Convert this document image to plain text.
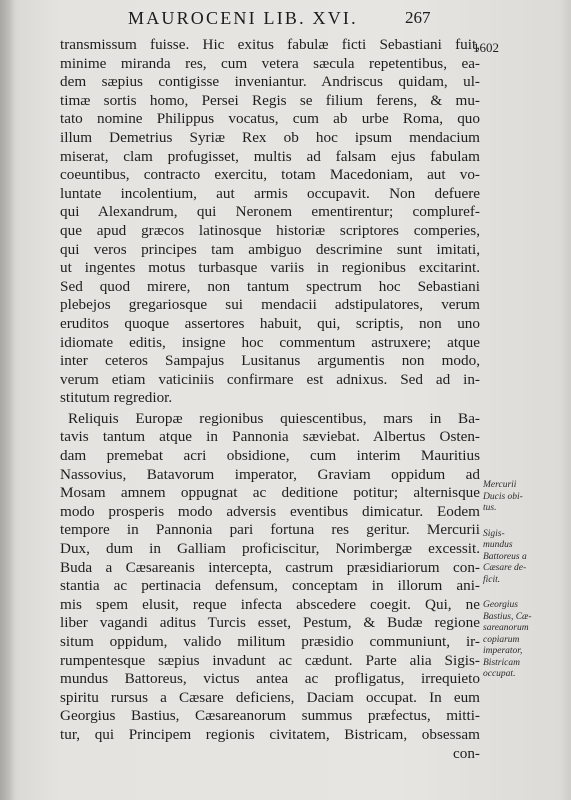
MAUROCENI LIB. XVI.	267
1602
transmissum fuisse. Hic exitus fabulæ ficti Sebastiani fuit,
minime miranda res, cum vetera sæcula repetentibus, ea-
dem sæpius contigisse inveniantur. Andriscus quidam, ul-
timæ sortis homo, Persei Regis se filium ferens, & mu-
tato nomine Philippus vocatus, cum ab urbe Roma, quo
illum Demetrius Syriæ Rex ob hoc ipsum mendacium
miserat, clam profugisset, multis ad falsam ejus fabulam
coeuntibus, contracto exercitu, totam Macedoniam, aut vo-
luntate incolentium, aut armis occupavit. Non defuere
qui Alexandrum, qui Neronem ementirentur; compluref-
que apud græcos latinosque historiæ scriptores comperies,
qui veros principes tam ambiguo descrimine sunt imitati,
ut ingentes motus turbasque variis in regionibus excitarint.
Sed quod mirere, non tantum spectrum hoc Sebastiani
plebejos gregariosque sui mendacii adstipulatores, verum
eruditos quoque assertores habuit, qui, scriptis, non uno
idiomate editis, insigne hoc commentum astruxere; atque
inter ceteros Sampajus Lusitanus argumentis non modo,
verum etiam vaticiniis confirmare est adnixus. Sed ad in-
stitutum regredior.
Reliquis Europæ regionibus quiescentibus, mars in Ba-
tavis tantum atque in Pannonia sæviebat. Albertus Osten-
dam premebat acri obsidione, cum interim Mauritius
Nassovius, Batavorum imperator, Graviam oppidum ad
Mosam amnem oppugnat ac deditione potitur; alternisque
modo prosperis modo adversis eventibus dimicatur. Eodem
tempore in Pannonia pari fortuna res geritur. Mercurii
Dux, dum in Galliam proficiscitur, Norimbergæ excessit.
Buda a Cæsareanis intercepta, castrum præsidiariorum con-
stantia ac pertinacia defensum, conceptam in illorum ani-
mis spem elusit, reque infecta abscedere coegit. Qui, ne
liber vagandi aditus Turcis esset, Pestum, & Budæ regione
situm oppidum, valido militum præsidio communiunt, ir-
rumpentesque sæpius invadunt ac cædunt. Parte alia Sigis-
mundus Battoreus, victus antea ac profligatus, irrequieto
spiritu rursus a Cæsare deficiens, Daciam occupat. In eum
Georgius Bastius, Cæsareanorum summus præfectus, mitti-
tur, qui Principem regionis civitatem, Bistricam, obsessam
con-
Mercurii
Ducis obi-
tus.
Sigis-
mundus
Battoreus a
Cæsare de-
ficit.
Georgius
Bastius, Cæ-
sareanorum
copiarum
imperator,
Bistricam
occupat.
